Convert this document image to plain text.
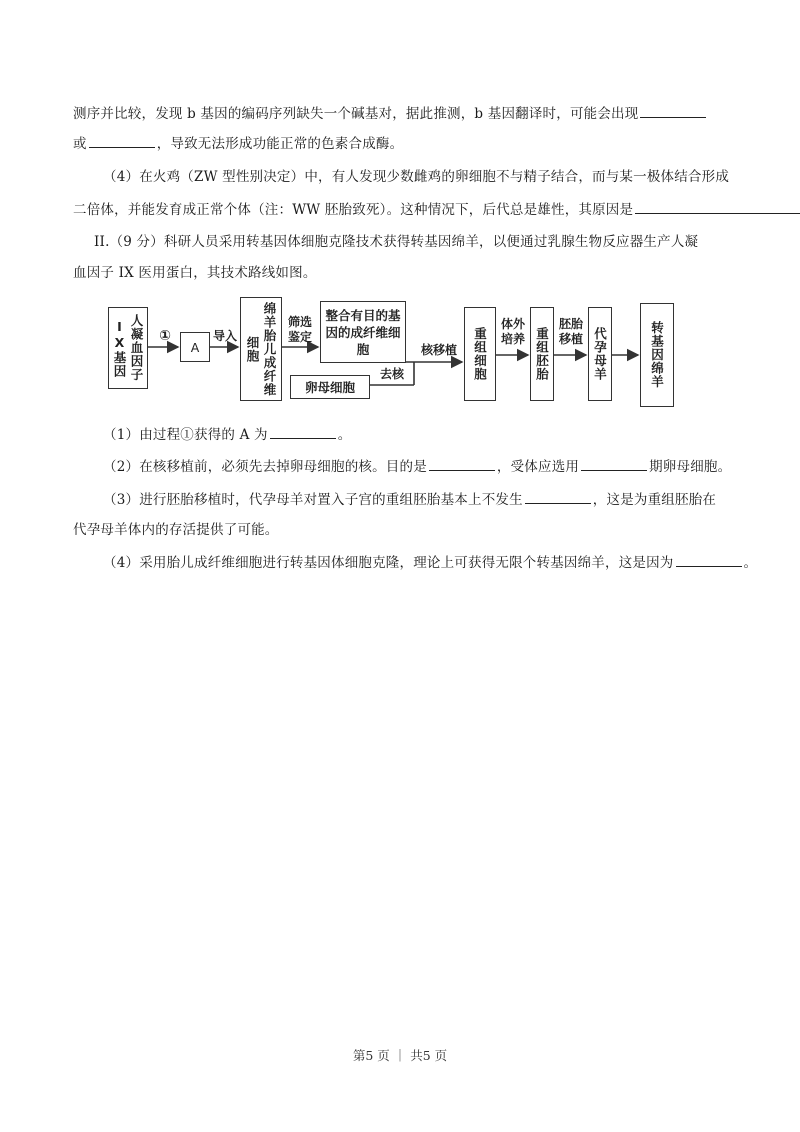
测序并比较，发现 b 基因的编码序列缺失一个碱基对，据此推测，b 基因翻译时，可能会出现
或	，导致无法形成功能正常的色素合成酶。
（4）在火鸡（ZW 型性别决定）中，有人发现少数雌鸡的卵细胞不与精子结合，而与某一极体结合形成
二倍体，并能发育成正常个体（注：WW 胚胎致死）。这种情况下，后代总是雄性，其原因是
II.（9 分）科研人员采用转基因体细胞克隆技术获得转基因绵羊，以便通过乳腺生物反应器生产人凝
血因子 IX 医用蛋白，其技术路线如图。
人凝血因子IX基因	①
A
导入	绵羊胎儿成纤维细胞
筛选鉴定
整合有目的基因的成纤维细胞
卵母细胞
去核
核移植	重组细胞
体外培养 重组胚胎
胚胎移植 代孕母羊	转基因绵羊
（1）由过程①获得的 A 为	。
（2）在核移植前，必须先去掉卵母细胞的核。目的是	，受体应选用	期卵母细胞。
（3）进行胚胎移植时，代孕母羊对置入子宫的重组胚胎基本上不发生	，这是为重组胚胎在
代孕母羊体内的存活提供了可能。
（4）采用胎儿成纤维细胞进行转基因体细胞克隆，理论上可获得无限个转基因绵羊，这是因为	。
第5 页 ｜ 共5 页
